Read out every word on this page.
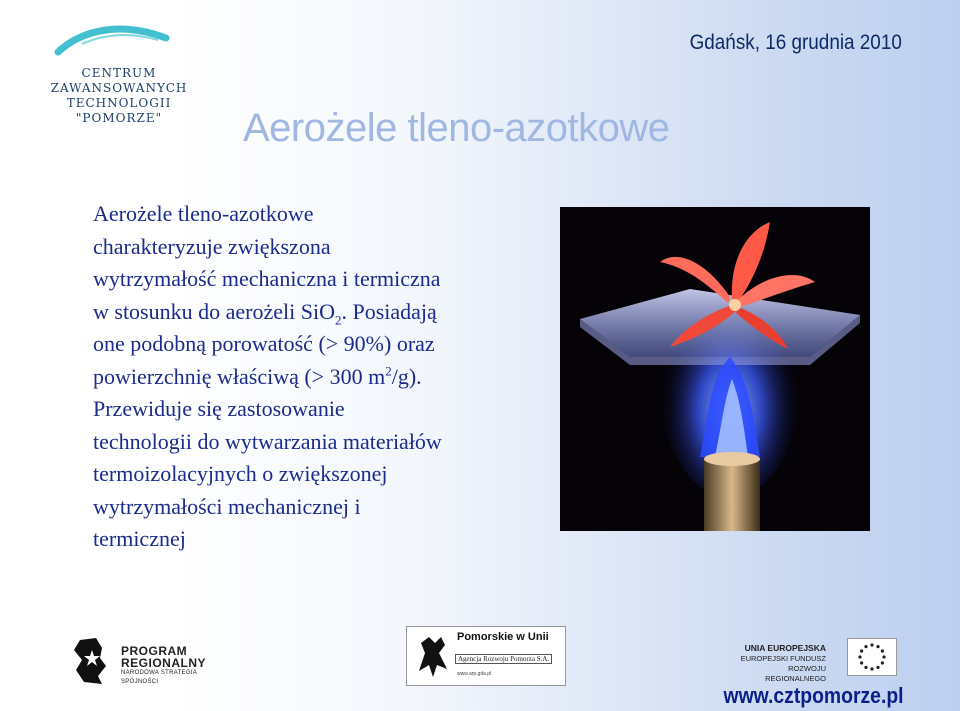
CENTRUM
ZAWANSOWANYCH
TECHNOLOGII
"POMORZE"
Gdańsk, 16 grudnia 2010
Aerożele tleno-azotkowe
Aerożele tleno-azotkowe
charakteryzuje zwiększona
wytrzymałość mechaniczna i termiczna
w stosunku do aerożeli SiO$_2$. Posiadają
one podobną porowatość (> 90%) oraz
powierzchnię właściwą (> 300 $m^2/g$).
Przewiduje się zastosowanie
technologii do wytwarzania materiałów
termoizolacyjnych o zwiększonej
wytrzymałości mechanicznej i
termicznej
PROGRAM
REGIONALNY
NARODOWA STRATEGIA SPÓJNOŚCI
Pomorskie w Unii
Agencja Rozwoju Pomorza S.A.
www.arp.gda.pl
UNIA EUROPEJSKA
EUROPEJSKI FUNDUSZ
ROZWOJU REGIONALNEGO
www.cztpomorze.pl
